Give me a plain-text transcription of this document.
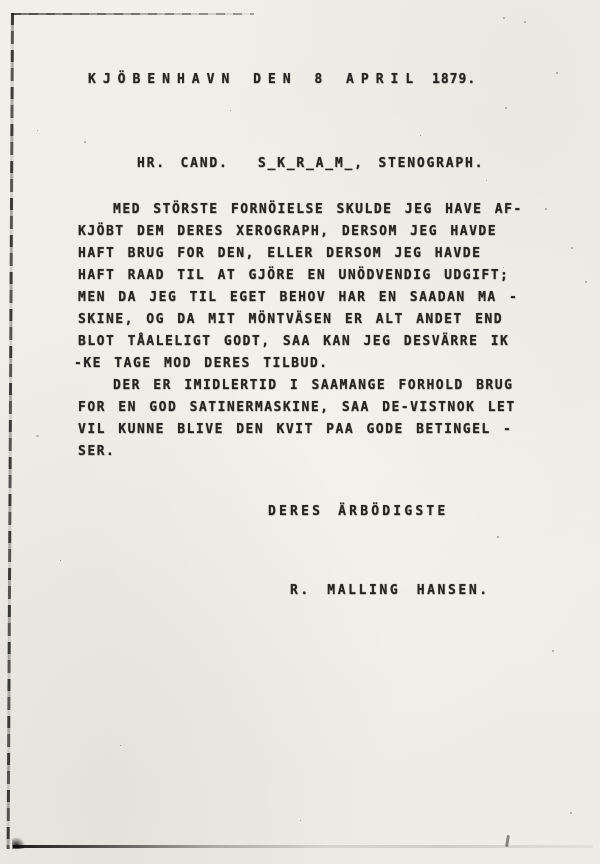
KJÖBENHAVN DEN 8 APRIL 1879.
HR. CAND.  S_K_R_A_M_, STENOGRAPH.
MED STÖRSTE FORNÖIELSE SKULDE JEG HAVE AF-
KJÖBT DEM DERES XEROGRAPH, DERSOM JEG HAVDE
HAFT BRUG FOR DEN, ELLER DERSOM JEG HAVDE
HAFT RAAD TIL AT GJÖRE EN UNÖDVENDIG UDGIFT;
MEN DA JEG TIL EGET BEHOV HAR EN SAADAN MA -
SKINE, OG DA MIT MÖNTVÄSEN ER ALT ANDET END
BLOT TÅALELIGT GODT, SAA KAN JEG DESVÄRRE IK
-KE TAGE MOD DERES TILBUD.
DER ER IMIDLERTID I SAAMANGE FORHOLD BRUG
FOR EN GOD SATINERMASKINE, SAA DE-VISTNOK LET
VIL KUNNE BLIVE DEN KVIT PAA GODE BETINGEL -
SER.
DERES ÄRBÖDIGSTE
R. MALLING HANSEN.
